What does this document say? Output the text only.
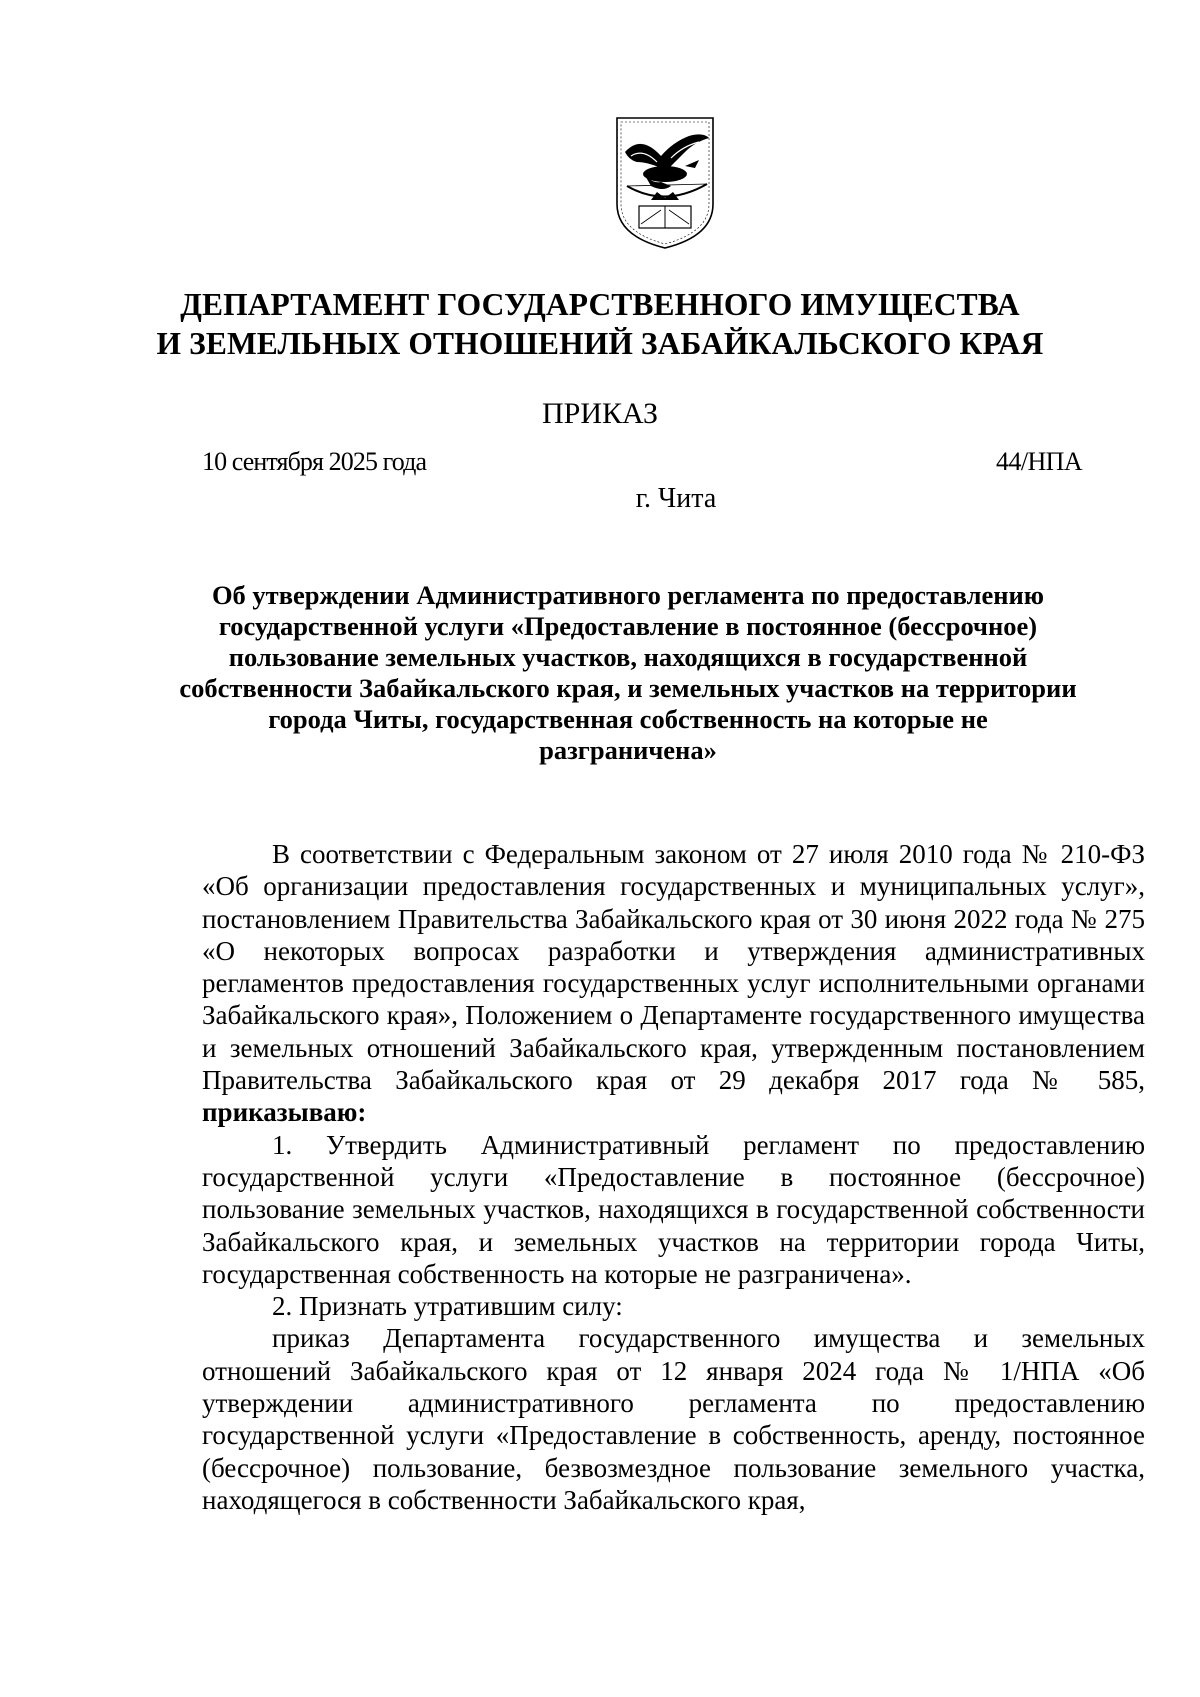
ДЕПАРТАМЕНТ ГОСУДАРСТВЕННОГО ИМУЩЕСТВА
И ЗЕМЕЛЬНЫХ ОТНОШЕНИЙ ЗАБАЙКАЛЬСКОГО КРАЯ
ПРИКАЗ
10 сентября 2025 года	44/НПА
г. Чита
Об утверждении Административного регламента по предоставлению государственной услуги «Предоставление в постоянное (бессрочное) пользование земельных участков, находящихся в государственной собственности Забайкальского края, и земельных участков на территории города Читы, государственная собственность на которые не разграничена»

В соответствии с Федеральным законом от 27 июля 2010 года № 210-ФЗ «Об организации предоставления государственных и муниципальных услуг», постановлением Правительства Забайкальского края от 30 июня 2022 года № 275 «О некоторых вопросах разработки и утверждения административных регламентов предоставления государственных услуг исполнительными органами Забайкальского края», Положением о Департаменте государственного имущества и земельных отношений Забайкальского края, утвержденным постановлением Правительства Забайкальского края от 29 декабря 2017 года № 585, приказываю:

1. Утвердить Административный регламент по предоставлению государственной услуги «Предоставление в постоянное (бессрочное) пользование земельных участков, находящихся в государственной собственности Забайкальского края, и земельных участков на территории города Читы, государственная собственность на которые не разграничена».

2. Признать утратившим силу:

приказ Департамента государственного имущества и земельных отношений Забайкальского края от 12 января 2024 года № 1/НПА «Об утверждении административного регламента по предоставлению государственной услуги «Предоставление в собственность, аренду, постоянное (бессрочное) пользование, безвозмездное пользование земельного участка, находящегося в собственности Забайкальского края,
